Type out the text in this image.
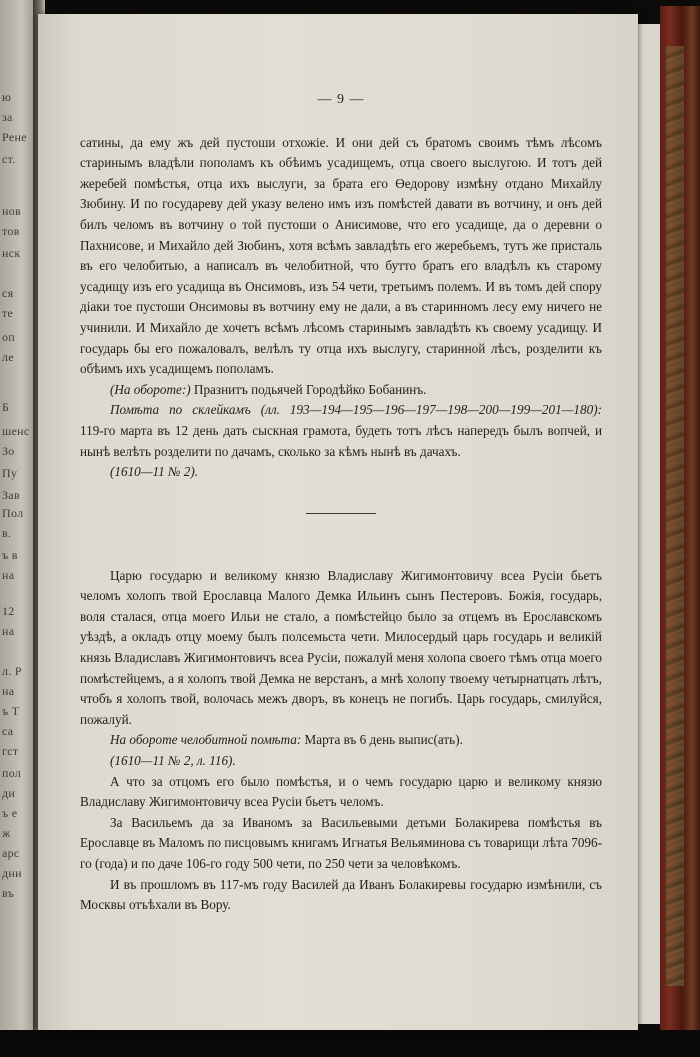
ю
за
Рене
ст.
нов
тов
нск
ся
те
оп
ле
Б
шенс
Зо
Пу
Зав
Пол
в.
ъ в
на
12
на
л. Р
на
ъ Т
са
гст
пол
ди
ъ е
ж
арс
дни
въ
— 9 —

сатины, да ему жъ дей пустоши отхожіе. И они дей съ братомъ своимъ тѣмъ лѣсомъ старинымъ владѣли пополамъ къ обѣимъ усадищемъ, отца своего выслугою. И тотъ дей жеребей помѣстья, отца ихъ выслуги, за брата его Өедорову измѣну отдано Михайлу Зюбину. И по государеву дей указу велено имъ изъ помѣстей давати въ вотчину, и онъ дей билъ челомъ въ вотчину о той пустоши о Анисимове, что его усадище, да о деревни о Пахнисове, и Михайло дей Зюбинъ, хотя всѣмъ завладѣть его жеребьемъ, тутъ же присталь въ его челобитью, а написалъ въ челобитной, что бутто братъ его владѣлъ къ старому усадищу изъ его усадища въ Онсимовъ, изъ 54 чети, третьимъ полемъ. И въ томъ дей спору діаки тое пустоши Онсимовы въ вотчину ему не дали, а въ старинномъ лесу ему ничего не учинили. И Михайло де хочетъ всѣмъ лѣсомъ старинымъ завладѣть къ своему усадищу. И государь бы его пожаловалъ, велѣлъ ту отца ихъ выслугу, старинной лѣсъ, розделити къ обѣимъ ихъ усадищемъ пополамъ.

(На обороте:) Празнитъ подьячей Городѣйко Бобанинъ.

Помѣта по склейкамъ (лл. 193—194—195—196—197—198—200—199—201—180): 119-го марта въ 12 день дать сыскная грамота, будеть тотъ лѣсъ напередъ былъ вопчей, и нынѣ велѣть розделити по дачамъ, сколько за кѣмъ нынѣ въ дачахъ.

(1610—11 № 2).

Царю государю и великому князю Владиславу Жигимонтовичу всеа Русіи бьетъ челомъ холопъ твой Ерославца Малого Демка Ильинъ сынъ Пестеровъ. Божія, государь, воля сталася, отца моего Ильи не стало, а помѣстейцо было за отцемъ въ Ерославскомъ уѣздѣ, а окладъ отцу моему былъ полсемьста чети. Милосердый царь государь и великій князь Владиславъ Жигимонтовичъ всеа Русіи, пожалуй меня холопа своего тѣмъ отца моего помѣстейцемъ, а я холопъ твой Демка не верстанъ, а мнѣ холопу твоему четырнатцать лѣтъ, чтобъ я холопъ твой, волочась межъ дворъ, въ конецъ не погибъ. Царь государь, смилуйся, пожалуй.

На обороте челобитной помѣта: Марта въ 6 день выпис(ать).

(1610—11 № 2, л. 116).

А что за отцомъ его было помѣстья, и о чемъ государю царю и великому князю Владиславу Жигимонтовичу всеа Русіи бьетъ челомъ.

За Васильемъ да за Иваномъ за Васильевыми детьми Болакирева помѣстья въ Ерославце въ Маломъ по писцовымъ книгамъ Игнатья Вельяминова съ товарищи лѣта 7096-го (года) и по даче 106-го году 500 чети, по 250 чети за человѣкомъ.

И въ прошломъ въ 117-мъ году Василей да Иванъ Болакиревы государю измѣнили, съ Москвы отъѣхали въ Вору.
